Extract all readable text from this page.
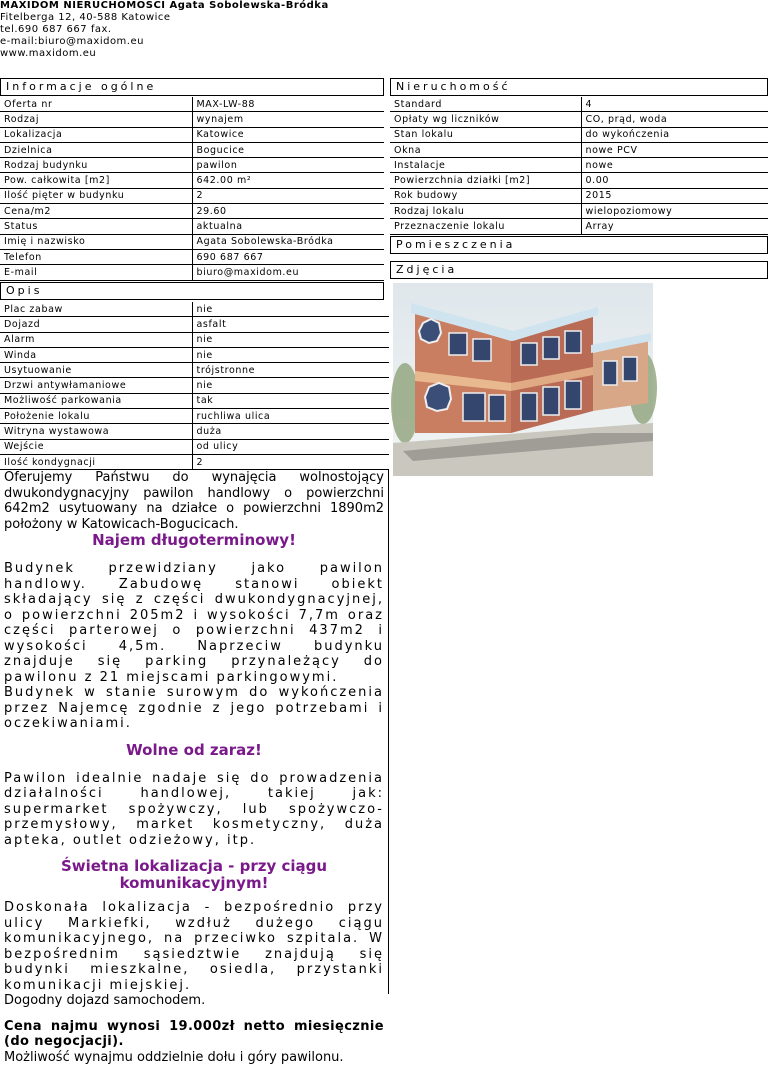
MAXIDOM NIERUCHOMOŚCI Agata Sobolewska-Bródka
Fitelberga 12, 40-588 Katowice
tel.690 687 667 fax.
e-mail:biuro@maxidom.eu
www.maxidom.eu
Informacje ogólne
Oferta nr	MAX-LW-88
Rodzaj	wynajem
Lokalizacja	Katowice
Dzielnica	Bogucice
Rodzaj budynku	pawilon
Pow. całkowita [m2]	642.00 m²
Ilość pięter w budynku	2
Cena/m2	29.60
Status	aktualna
Imię i nazwisko	Agata Sobolewska-Bródka
Telefon	690 687 667
E-mail	biuro@maxidom.eu
Nieruchomość
Standard	4
Opłaty wg liczników	CO, prąd, woda
Stan lokalu	do wykończenia
Okna	nowe PCV
Instalacje	nowe
Powierzchnia działki [m2]	0.00
Rok budowy	2015
Rodzaj lokalu	wielopoziomowy
Przeznaczenie lokalu	Array
Pomieszczenia
Zdjęcia
Opis
Plac zabaw	nie
Dojazd	asfalt
Alarm	nie
Winda	nie
Usytuowanie	trójstronne
Drzwi antywłamaniowe	nie
Możliwość parkowania	tak
Położenie lokalu	ruchliwa ulica
Witryna wystawowa	duża
Wejście	od ulicy
Ilość kondygnacji	2

Oferujemy Państwu do wynajęcia wolnostojący dwukondygnacyjny pawilon handlowy o powierzchni 642m2 usytuowany na działce o powierzchni 1890m2 położony w Katowicach-Bogucicach.

Najem długoterminowy!

Budynek przewidziany jako pawilon handlowy. Zabudowę stanowi obiekt składający się z części dwukondygnacyjnej, o powierzchni 205m2 i wysokości 7,7m oraz części parterowej o powierzchni 437m2 i wysokości 4,5m. Naprzeciw budynku znajduje się parking przynależący do pawilonu z 21 miejscami parkingowymi.

Budynek w stanie surowym do wykończenia przez Najemcę zgodnie z jego potrzebami i oczekiwaniami.

Wolne od zaraz!

Pawilon idealnie nadaje się do prowadzenia działalności handlowej, takiej jak: supermarket spożywczy, lub spożywczo-przemysłowy, market kosmetyczny, duża apteka, outlet odzieżowy, itp.

Świetna lokalizacja - przy ciągu komunikacyjnym!

Doskonała lokalizacja - bezpośrednio przy ulicy Markiefki, wzdłuż dużego ciągu komunikacyjnego, na przeciwko szpitala. W bezpośrednim sąsiedztwie znajdują się budynki mieszkalne, osiedla, przystanki komunikacji miejskiej.

Dogodny dojazd samochodem.

Cena najmu wynosi 19.000zł netto miesięcznie (do negocjacji).

Możliwość wynajmu oddzielnie dołu i góry pawilonu.
